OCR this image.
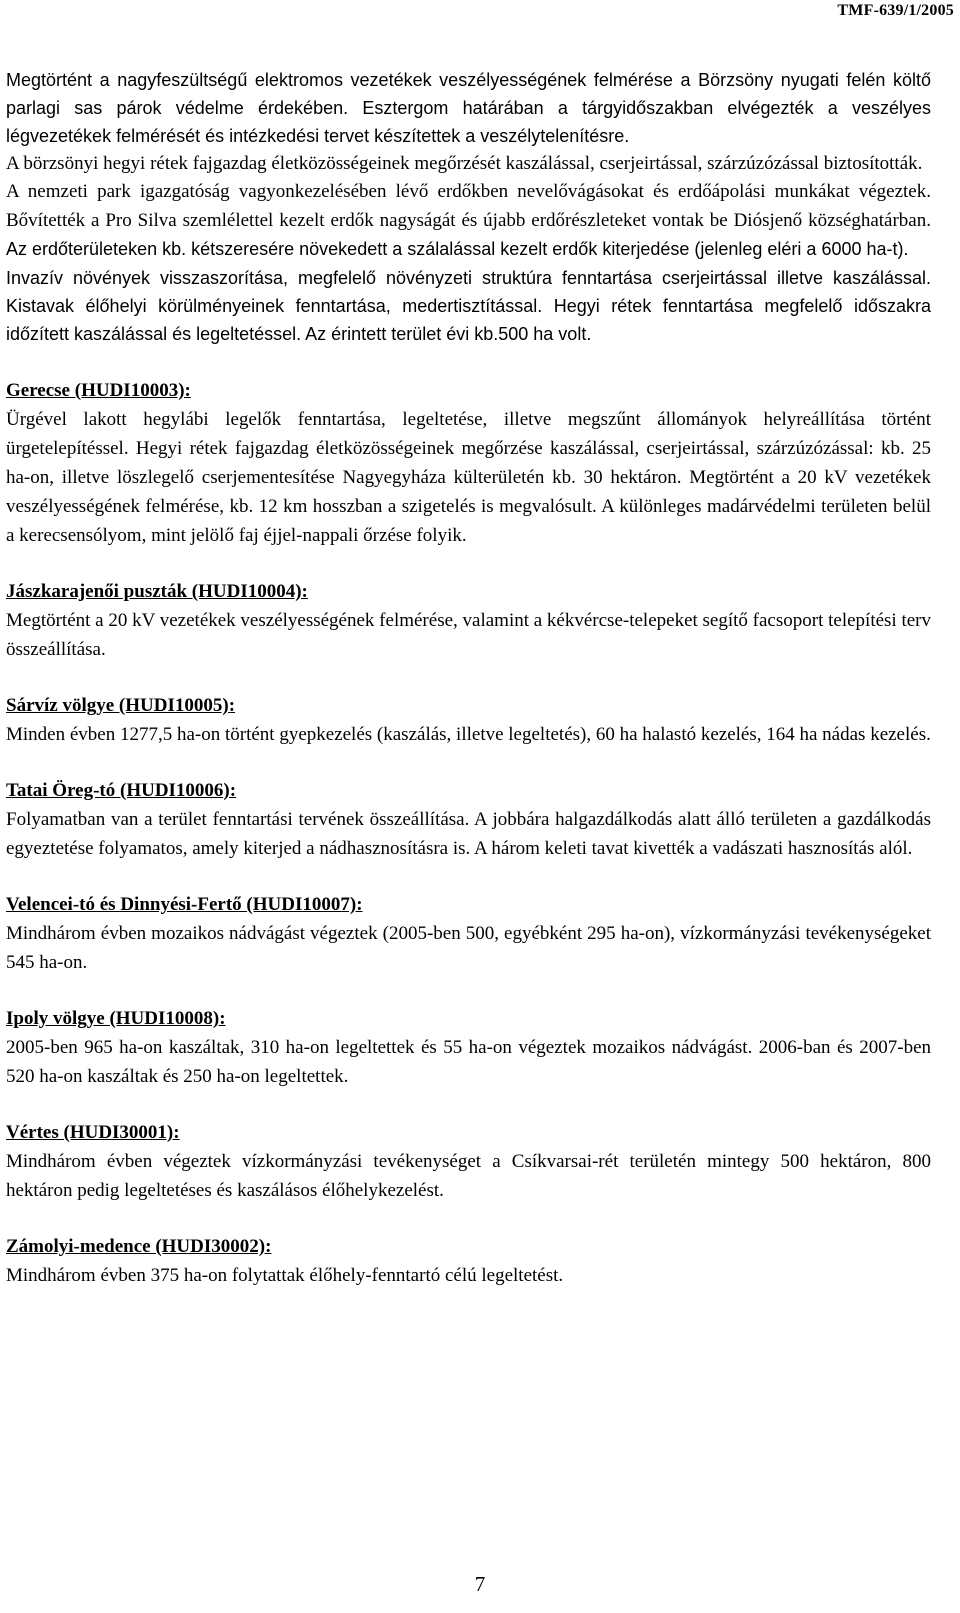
TMF-639/1/2005

Megtörtént a nagyfeszültségű elektromos vezetékek veszélyességének felmérése a Börzsöny nyugati felén költő parlagi sas párok védelme érdekében. Esztergom határában a tárgyidőszakban elvégezték a veszélyes légvezetékek felmérését és intézkedési tervet készítettek a veszélytelenítésre.

A börzsönyi hegyi rétek fajgazdag életközösségeinek megőrzését kaszálással, cserjeirtással, szárzúzózással biztosították.

A nemzeti park igazgatóság vagyonkezelésében lévő erdőkben nevelővágásokat és erdőápolási munkákat végeztek. Bővítették a Pro Silva szemlélettel kezelt erdők nagyságát és újabb erdőrészleteket vontak be Diósjenő községhatárban. Az erdőterületeken kb. kétszeresére növekedett a szálalással kezelt erdők kiterjedése (jelenleg eléri a 6000 ha-t).

Invazív növények visszaszorítása, megfelelő növényzeti struktúra fenntartása cserjeirtással illetve kaszálással. Kistavak élőhelyi körülményeinek fenntartása, medertisztítással. Hegyi rétek fenntartása megfelelő időszakra időzített kaszálással és legeltetéssel. Az érintett terület évi kb.500 ha volt.

Gerecse (HUDI10003):

Ürgével lakott hegylábi legelők fenntartása, legeltetése, illetve megszűnt állományok helyreállítása történt ürgetelepítéssel. Hegyi rétek fajgazdag életközösségeinek megőrzése kaszálással, cserjeirtással, szárzúzózással: kb. 25 ha-on, illetve löszlegelő cserjementesítése Nagyegyháza külterületén kb. 30 hektáron. Megtörtént a 20 kV vezetékek veszélyességének felmérése, kb. 12 km hosszban a szigetelés is megvalósult. A különleges madárvédelmi területen belül a kerecsensólyom, mint jelölő faj éjjel-nappali őrzése folyik.

Jászkarajenői puszták (HUDI10004):

Megtörtént a 20 kV vezetékek veszélyességének felmérése, valamint a kékvércse-telepeket segítő facsoport telepítési terv összeállítása.

Sárvíz völgye (HUDI10005):

Minden évben 1277,5 ha-on történt gyepkezelés (kaszálás, illetve legeltetés), 60 ha halastó kezelés, 164 ha nádas kezelés.

Tatai Öreg-tó (HUDI10006):

Folyamatban van a terület fenntartási tervének összeállítása. A jobbára halgazdálkodás alatt álló területen a gazdálkodás egyeztetése folyamatos, amely kiterjed a nádhasznosításra is. A három keleti tavat kivették a vadászati hasznosítás alól.

Velencei-tó és Dinnyési-Fertő (HUDI10007):

Mindhárom évben mozaikos nádvágást végeztek (2005-ben 500, egyébként 295 ha-on), vízkormányzási tevékenységeket 545 ha-on.

Ipoly völgye (HUDI10008):

2005-ben 965 ha-on kaszáltak, 310 ha-on legeltettek és 55 ha-on végeztek mozaikos nádvágást. 2006-ban és 2007-ben 520 ha-on kaszáltak és 250 ha-on legeltettek.

Vértes (HUDI30001):

Mindhárom évben végeztek vízkormányzási tevékenységet a Csíkvarsai-rét területén mintegy 500 hektáron, 800 hektáron pedig legeltetéses és kaszálásos élőhelykezelést.

Zámolyi-medence (HUDI30002):

Mindhárom évben 375 ha-on folytattak élőhely-fenntartó célú legeltetést.

7
